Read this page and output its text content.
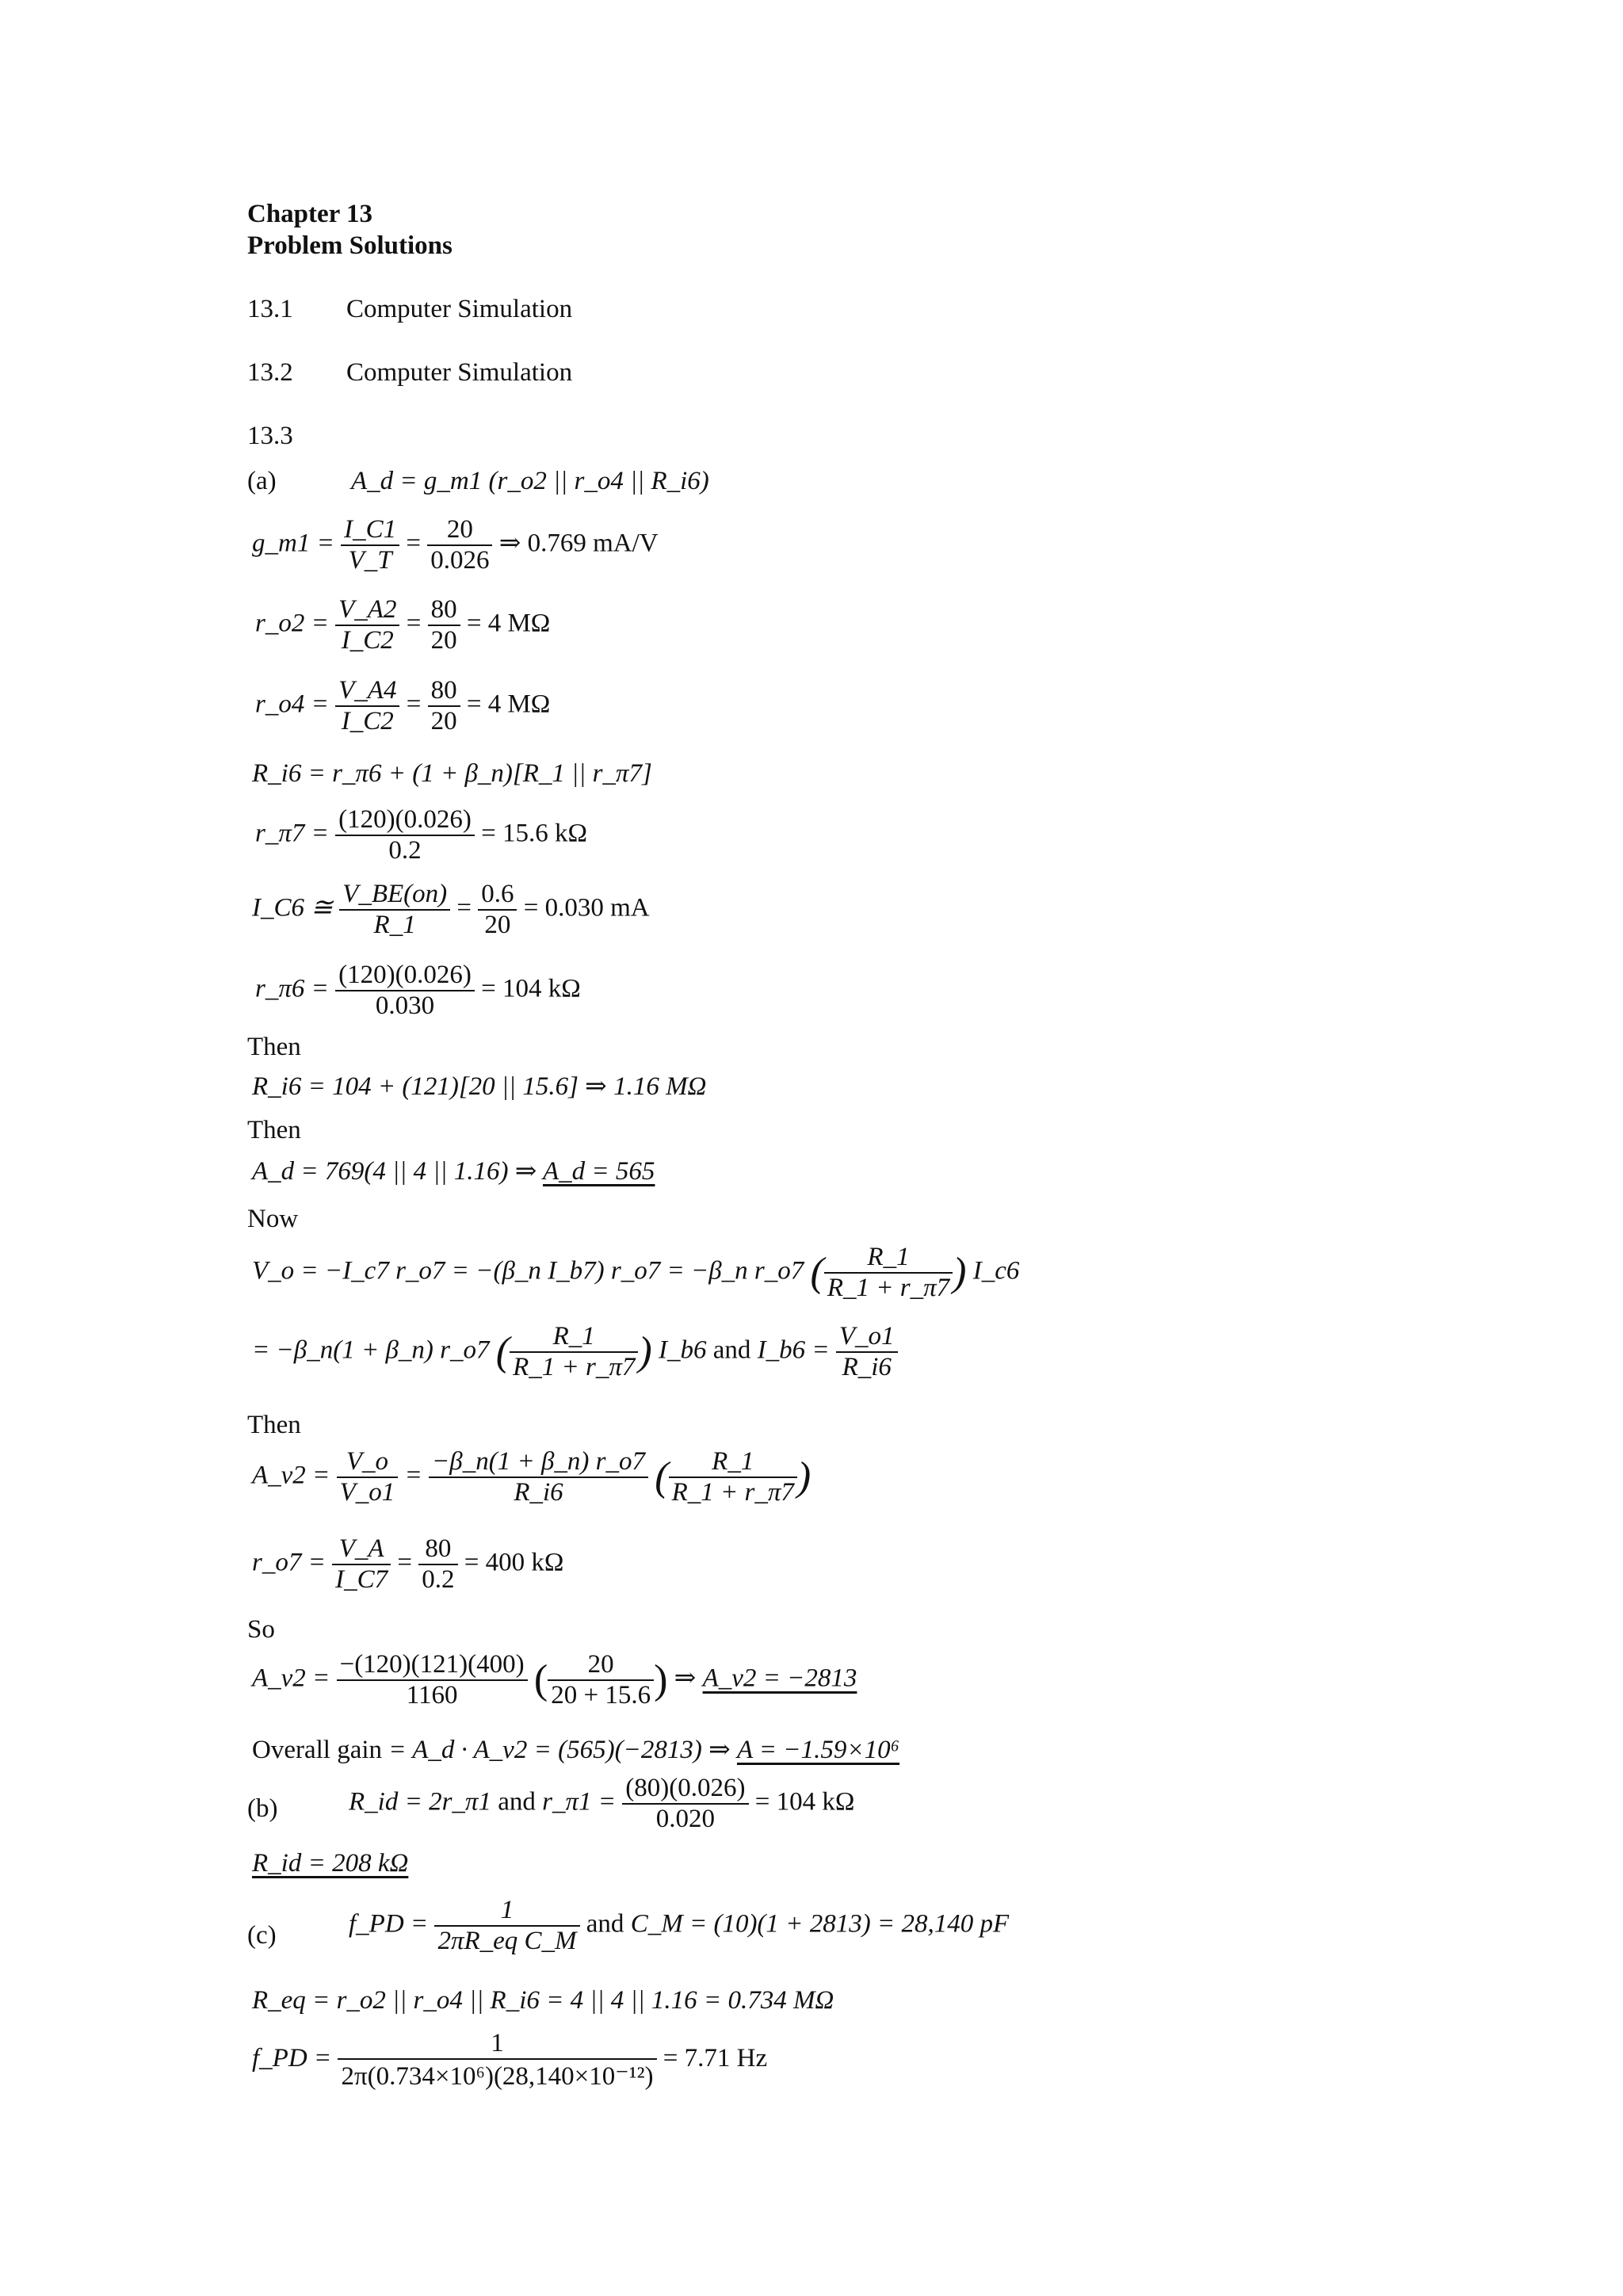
Chapter 13
Problem Solutions
13.1 Computer Simulation
13.2 Computer Simulation
13.3
(a)	A_d = g_m1 (r_o2 || r_o4 || R_i6)
g_m1 = $\frac{I\_C1}{V\_T} = \frac{20}{0.026}$ ⇒ 0.769 mA/V
r_o2 = $\frac{V\_A2}{I\_C2} = \frac{80}{20} = 4$ MΩ
r_o4 = $\frac{V\_A4}{I\_C2} = \frac{80}{20} = 4$ MΩ
R_i6 = r_π6 + (1 + β_n)[R_1 || r_π7]
r_π7 = $\frac{(120)(0.026)}{0.2} = 15.6$ kΩ
I_C6 ≅ $\frac{V\_BE(on)}{R\_1} = \frac{0.6}{20} = 0.030$ mA
r_π6 = $\frac{(120)(0.026)}{0.030} = 104$ kΩ
Then
R_i6 = 104 + (121)[20 || 15.6] ⇒ 1.16 MΩ
Then
A_d = 769(4 || 4 || 1.16) ⇒ A_d = 565
Now
V_o = −I_c7 r_o7 = −(β_n I_b7) r_o7 = −β_n r_o7 ( $\frac{R\_1}{R\_1 + r\_\pi 7}$ ) I_c6
= −β_n(1 + β_n) r_o7 ( $\frac{R\_1}{R\_1 + r\_\pi 7}$ ) I_b6 and I_b6 = $\frac{V\_o1}{R\_i6}$
Then
A_v2 = $\frac{V\_o}{V\_o1} = \frac{-\beta\_n(1 + \beta\_n) r\_o7}{R\_i6}$ ( $\frac{R\_1}{R\_1 + r\_\pi 7}$ )
r_o7 = $\frac{V\_A}{I\_C7} = \frac{80}{0.2} = 400$ kΩ
So
A_v2 = $\frac{-(120)(121)(400)}{1160}$ ( $\frac{20}{20 + 15.6}$ ) ⇒ A_v2 = −2813
Overall gain = A_d · A_v2 = (565)(−2813) ⇒ A = −1.59×10⁶
(b)	R_id = 2r_π1 and r_π1 = $\frac{(80)(0.026)}{0.020} = 104$ kΩ
R_id = 208 kΩ
(c)	f_PD = $\frac{1}{\text{2πR\_eq C\_M}}$ and C_M = (10)(1 + 2813) = 28,140 pF
R_eq = r_o2 || r_o4 || R_i6 = 4 || 4 || 1.16 = 0.734 MΩ
f_PD = $\frac{1}{\text{2π(0.734×10⁶)(28,140×10⁻¹²)}} = 7.71$ Hz
